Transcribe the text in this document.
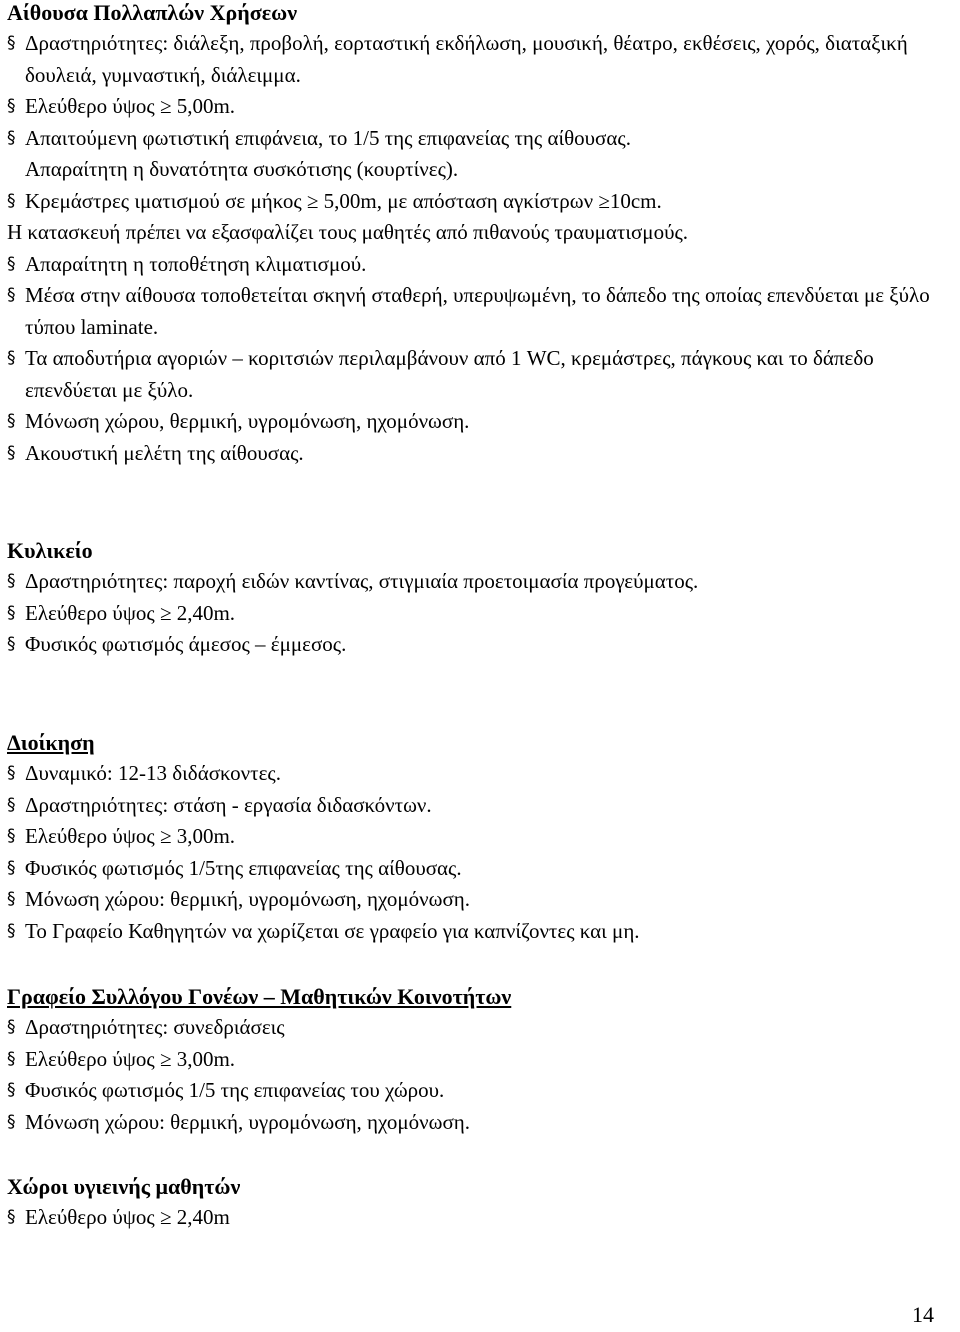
Αίθουσα Πολλαπλών Χρήσεων

§ Δραστηριότητες: διάλεξη, προβολή, εορταστική εκδήλωση, μουσική, θέατρο, εκθέσεις, χορός, διαταξική δουλειά, γυμναστική, διάλειμμα.
§ Ελεύθερο ύψος ≥ 5,00m.
§ Απαιτούμενη φωτιστική επιφάνεια, το 1/5 της επιφανείας της αίθουσας.
Απαραίτητη η δυνατότητα συσκότισης (κουρτίνες).
§ Κρεμάστρες ιματισμού σε μήκος ≥ 5,00m, με απόσταση αγκίστρων ≥10cm.
Η κατασκευή πρέπει να εξασφαλίζει τους μαθητές από πιθανούς τραυματισμούς.
§ Απαραίτητη η τοποθέτηση κλιματισμού.
§ Μέσα στην αίθουσα τοποθετείται σκηνή σταθερή, υπερυψωμένη, το δάπεδο της οποίας επενδύεται με ξύλο τύπου laminate.
§ Τα αποδυτήρια αγοριών – κοριτσιών περιλαμβάνουν από 1 WC, κρεμάστρες, πάγκους και το δάπεδο επενδύεται με ξύλο.
§ Μόνωση χώρου, θερμική, υγρομόνωση, ηχομόνωση.
§ Ακουστική μελέτη της αίθουσας.

Κυλικείο

§ Δραστηριότητες: παροχή ειδών καντίνας, στιγμιαία προετοιμασία προγεύματος.
§ Ελεύθερο ύψος ≥ 2,40m.
§ Φυσικός φωτισμός άμεσος – έμμεσος.

Διοίκηση

§ Δυναμικό: 12-13 διδάσκοντες.
§ Δραστηριότητες: στάση - εργασία διδασκόντων.
§ Ελεύθερο ύψος ≥ 3,00m.
§ Φυσικός φωτισμός 1/5της επιφανείας της αίθουσας.
§ Μόνωση χώρου: θερμική, υγρομόνωση, ηχομόνωση.
§ Το Γραφείο Καθηγητών να χωρίζεται σε γραφείο για καπνίζοντες και μη.

Γραφείο Συλλόγου Γονέων – Μαθητικών Κοινοτήτων

§ Δραστηριότητες: συνεδριάσεις
§ Ελεύθερο ύψος ≥ 3,00m.
§ Φυσικός φωτισμός 1/5 της επιφανείας του χώρου.
§ Μόνωση χώρου: θερμική, υγρομόνωση, ηχομόνωση.

Χώροι υγιεινής μαθητών

§ Ελεύθερο ύψος ≥ 2,40m
14
